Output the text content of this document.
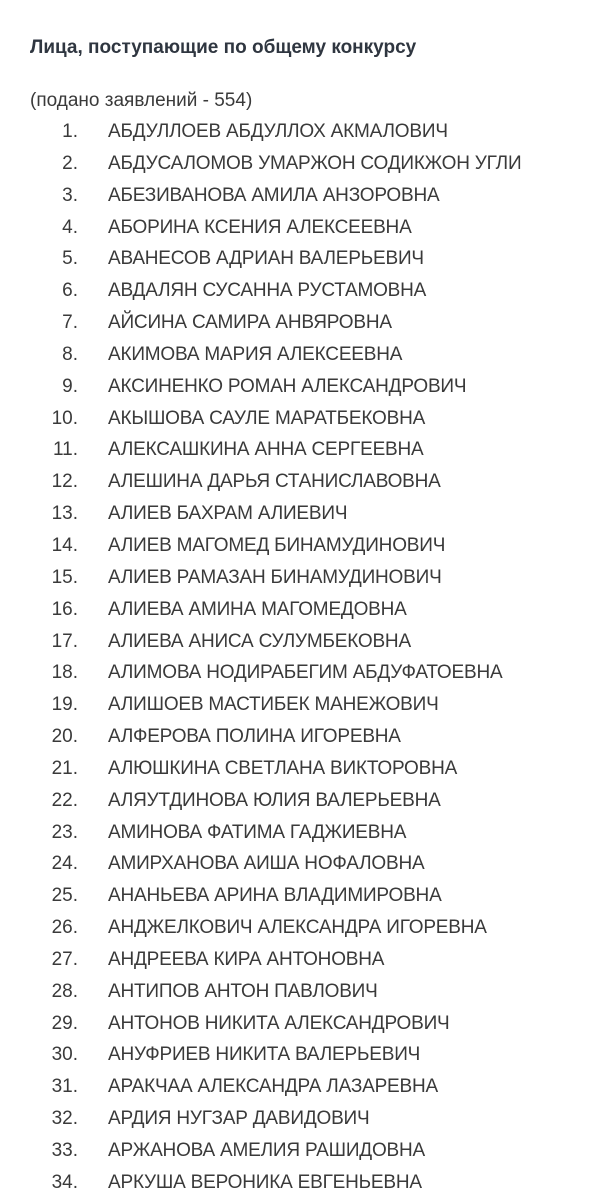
Лица, поступающие по общему конкурсу
(подано заявлений - 554)
1. АБДУЛЛОЕВ АБДУЛЛОХ АКМАЛОВИЧ
2. АБДУСАЛОМОВ УМАРЖОН СОДИКЖОН УГЛИ
3. АБЕЗИВАНОВА АМИЛА АНЗОРОВНА
4. АБОРИНА КСЕНИЯ АЛЕКСЕЕВНА
5. АВАНЕСОВ АДРИАН ВАЛЕРЬЕВИЧ
6. АВДАЛЯН СУСАННА РУСТАМОВНА
7. АЙСИНА САМИРА АНВЯРОВНА
8. АКИМОВА МАРИЯ АЛЕКСЕЕВНА
9. АКСИНЕНКО РОМАН АЛЕКСАНДРОВИЧ
10. АКЫШОВА САУЛЕ МАРАТБЕКОВНА
11. АЛЕКСАШКИНА АННА СЕРГЕЕВНА
12. АЛЕШИНА ДАРЬЯ СТАНИСЛАВОВНА
13. АЛИЕВ БАХРАМ АЛИЕВИЧ
14. АЛИЕВ МАГОМЕД БИНАМУДИНОВИЧ
15. АЛИЕВ РАМАЗАН БИНАМУДИНОВИЧ
16. АЛИЕВА АМИНА МАГОМЕДОВНА
17. АЛИЕВА АНИСА СУЛУМБЕКОВНА
18. АЛИМОВА НОДИРАБЕГИМ АБДУФАТОЕВНА
19. АЛИШОЕВ МАСТИБЕК МАНЕЖОВИЧ
20. АЛФЕРОВА ПОЛИНА ИГОРЕВНА
21. АЛЮШКИНА СВЕТЛАНА ВИКТОРОВНА
22. АЛЯУТДИНОВА ЮЛИЯ ВАЛЕРЬЕВНА
23. АМИНОВА ФАТИМА ГАДЖИЕВНА
24. АМИРХАНОВА АИША НОФАЛОВНА
25. АНАНЬЕВА АРИНА ВЛАДИМИРОВНА
26. АНДЖЕЛКОВИЧ АЛЕКСАНДРА ИГОРЕВНА
27. АНДРЕЕВА КИРА АНТОНОВНА
28. АНТИПОВ АНТОН ПАВЛОВИЧ
29. АНТОНОВ НИКИТА АЛЕКСАНДРОВИЧ
30. АНУФРИЕВ НИКИТА ВАЛЕРЬЕВИЧ
31. АРАКЧАА АЛЕКСАНДРА ЛАЗАРЕВНА
32. АРДИЯ НУГЗАР ДАВИДОВИЧ
33. АРЖАНОВА АМЕЛИЯ РАШИДОВНА
34. АРКУША ВЕРОНИКА ЕВГЕНЬЕВНА
